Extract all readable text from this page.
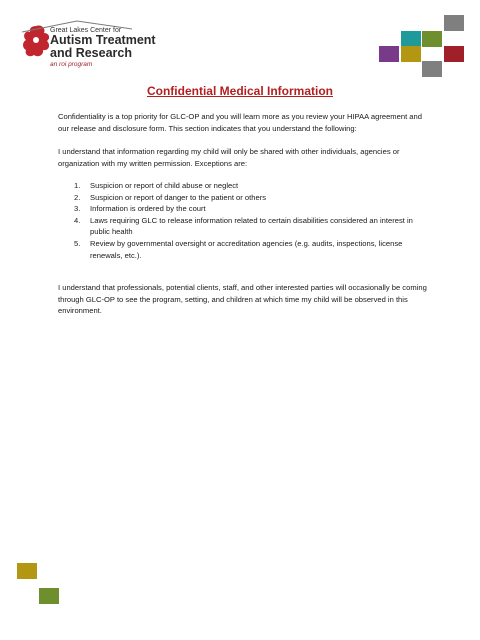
Great Lakes Center for
Autism Treatment
and Research
an roi program
Confidential Medical Information

Confidentiality is a top priority for GLC-OP and you will learn more as you review your HIPAA agreement and our release and disclosure form. This section indicates that you understand the following:

I understand that information regarding my child will only be shared with other individuals, agencies or organization with my written permission. Exceptions are:

1. Suspicion or report of child abuse or neglect
2. Suspicion or report of danger to the patient or others
3. Information is ordered by the court
4. Laws requiring GLC to release information related to certain disabilities considered an interest in public health
5. Review by governmental oversight or accreditation agencies (e.g. audits, inspections, license renewals, etc.).

I understand that professionals, potential clients, staff, and other interested parties will occasionally be coming through GLC-OP to see the program, setting, and children at which time my child will be observed in this environment.
